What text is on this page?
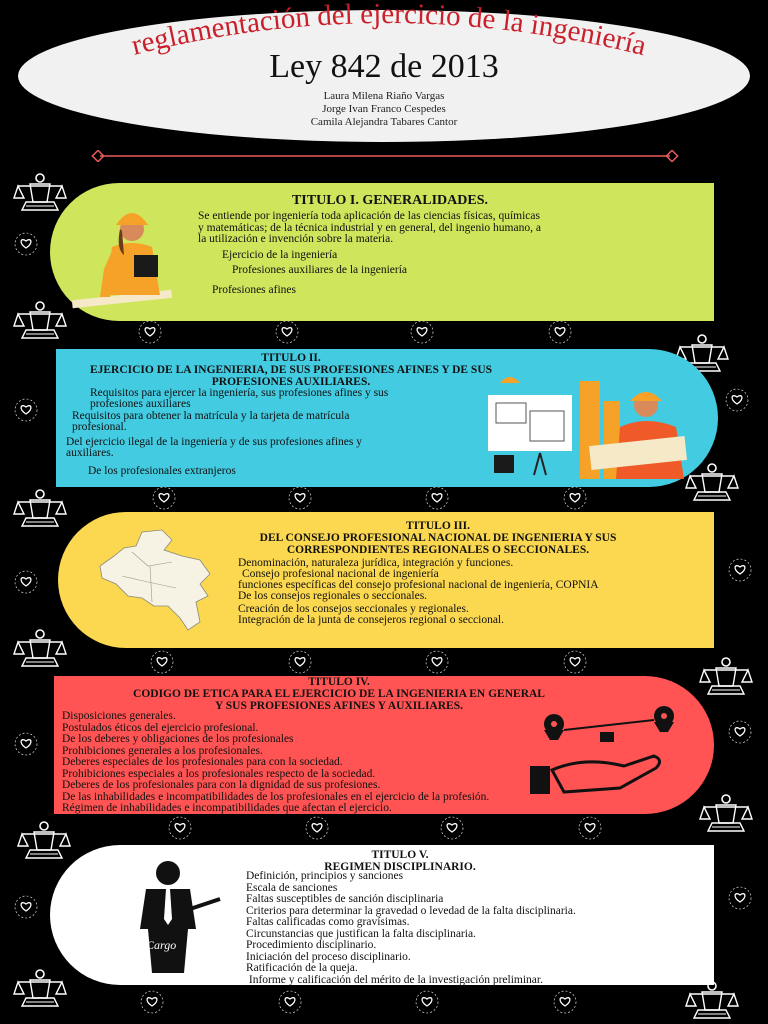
reglamentación del ejercicio de la ingeniería
Ley 842 de 2013
Laura Milena Riaño Vargas
Jorge Ivan Franco Cespedes
Camila Alejandra Tabares Cantor
TITULO I. GENERALIDADES.
Se entiende por ingeniería toda aplicación de las ciencias físicas, químicas
y matemáticas; de la técnica industrial y en general, del ingenio humano, a
la utilización e invención sobre la materia.
Ejercicio de la ingeniería
Profesiones auxiliares de la ingeniería
Profesiones afines
TITULO II.
EJERCICIO DE LA INGENIERIA, DE SUS PROFESIONES AFINES Y DE SUS
PROFESIONES AUXILIARES.
Requisitos para ejercer la ingeniería, sus profesiones afines y sus
profesiones auxiliares
Requisitos para obtener la matrícula y la tarjeta de matrícula
profesional.
Del ejercicio ilegal de la ingeniería y de sus profesiones afines y
auxiliares.
De los profesionales extranjeros
TITULO III.
DEL CONSEJO PROFESIONAL NACIONAL DE INGENIERIA Y SUS
CORRESPONDIENTES REGIONALES O SECCIONALES.
Denominación, naturaleza jurídica, integración y funciones.
Consejo profesional nacional de ingeniería
funciones específicas del consejo profesional nacional de ingeniería, COPNIA
De los consejos regionales o seccionales.
Creación de los consejos seccionales y regionales.
Integración de la junta de consejeros regional o seccional.
TITULO IV.
CODIGO DE ETICA PARA EL EJERCICIO DE LA INGENIERIA EN GENERAL
Y SUS PROFESIONES AFINES Y AUXILIARES.
Disposiciones generales.
Postulados éticos del ejercicio profesional.
De los deberes y obligaciones de los profesionales
Prohibiciones generales a los profesionales.
Deberes especiales de los profesionales para con la sociedad.
Prohibiciones especiales a los profesionales respecto de la sociedad.
Deberes de los profesionales para con la dignidad de sus profesiones.
De las inhabilidades e incompatibilidades de los profesionales en el ejercicio de la profesión.
Régimen de inhabilidades e incompatibilidades que afectan el ejercicio.
Cargo
TITULO V.
REGIMEN DISCIPLINARIO.
Definición, principios y sanciones
Escala de sanciones
Faltas susceptibles de sanción disciplinaria
Criterios para determinar la gravedad o levedad de la falta disciplinaria.
Faltas calificadas como gravísimas.
Circunstancias que justifican la falta disciplinaria.
Procedimiento disciplinario.
Iniciación del proceso disciplinario.
Ratificación de la queja.
Informe y calificación del mérito de la investigación preliminar.
